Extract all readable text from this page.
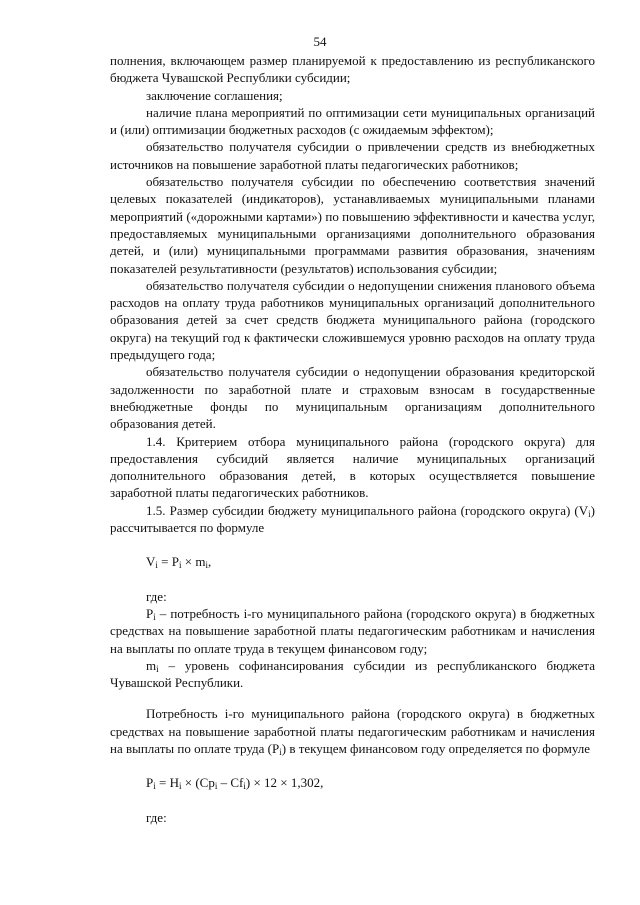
54

полнения, включающем размер планируемой к предоставлению из республиканского бюджета Чувашской Республики субсидии;

заключение соглашения;

наличие плана мероприятий по оптимизации сети муниципальных организаций и (или) оптимизации бюджетных расходов (с ожидаемым эффектом);

обязательство получателя субсидии о привлечении средств из внебюджетных источников на повышение заработной платы педагогических работников;

обязательство получателя субсидии по обеспечению соответствия значений целевых показателей (индикаторов), устанавливаемых муниципальными планами мероприятий («дорожными картами») по повышению эффективности и качества услуг, предоставляемых муниципальными организациями дополнительного образования детей, и (или) муниципальными программами развития образования, значениям показателей результативности (результатов) использования субсидии;

обязательство получателя субсидии о недопущении снижения планового объема расходов на оплату труда работников муниципальных организаций дополнительного образования детей за счет средств бюджета муниципального района (городского округа) на текущий год к фактически сложившемуся уровню расходов на оплату труда предыдущего года;

обязательство получателя субсидии о недопущении образования кредиторской задолженности по заработной плате и страховым взносам в государственные внебюджетные фонды по муниципальным организациям дополнительного образования детей.

1.4. Критерием отбора муниципального района (городского округа) для предоставления субсидий является наличие муниципальных организаций дополнительного образования детей, в которых осуществляется повышение заработной платы педагогических работников.

1.5. Размер субсидии бюджету муниципального района (городского округа) $(V_i)$ рассчитывается по формуле

$V_i = P_i \times m_i$,

где:

$P_i$ – потребность i-го муниципального района (городского округа) в бюджетных средствах на повышение заработной платы педагогическим работникам и начисления на выплаты по оплате труда в текущем финансовом году;

$m_i$ – уровень софинансирования субсидии из республиканского бюджета Чувашской Республики.

Потребность i-го муниципального района (городского округа) в бюджетных средствах на повышение заработной платы педагогическим работникам и начисления на выплаты по оплате труда $(P_i)$ в текущем финансовом году определяется по формуле

$P_i = H_i \times (Cp_i - Cf_i) \times 12 \times 1,302$,

где:
